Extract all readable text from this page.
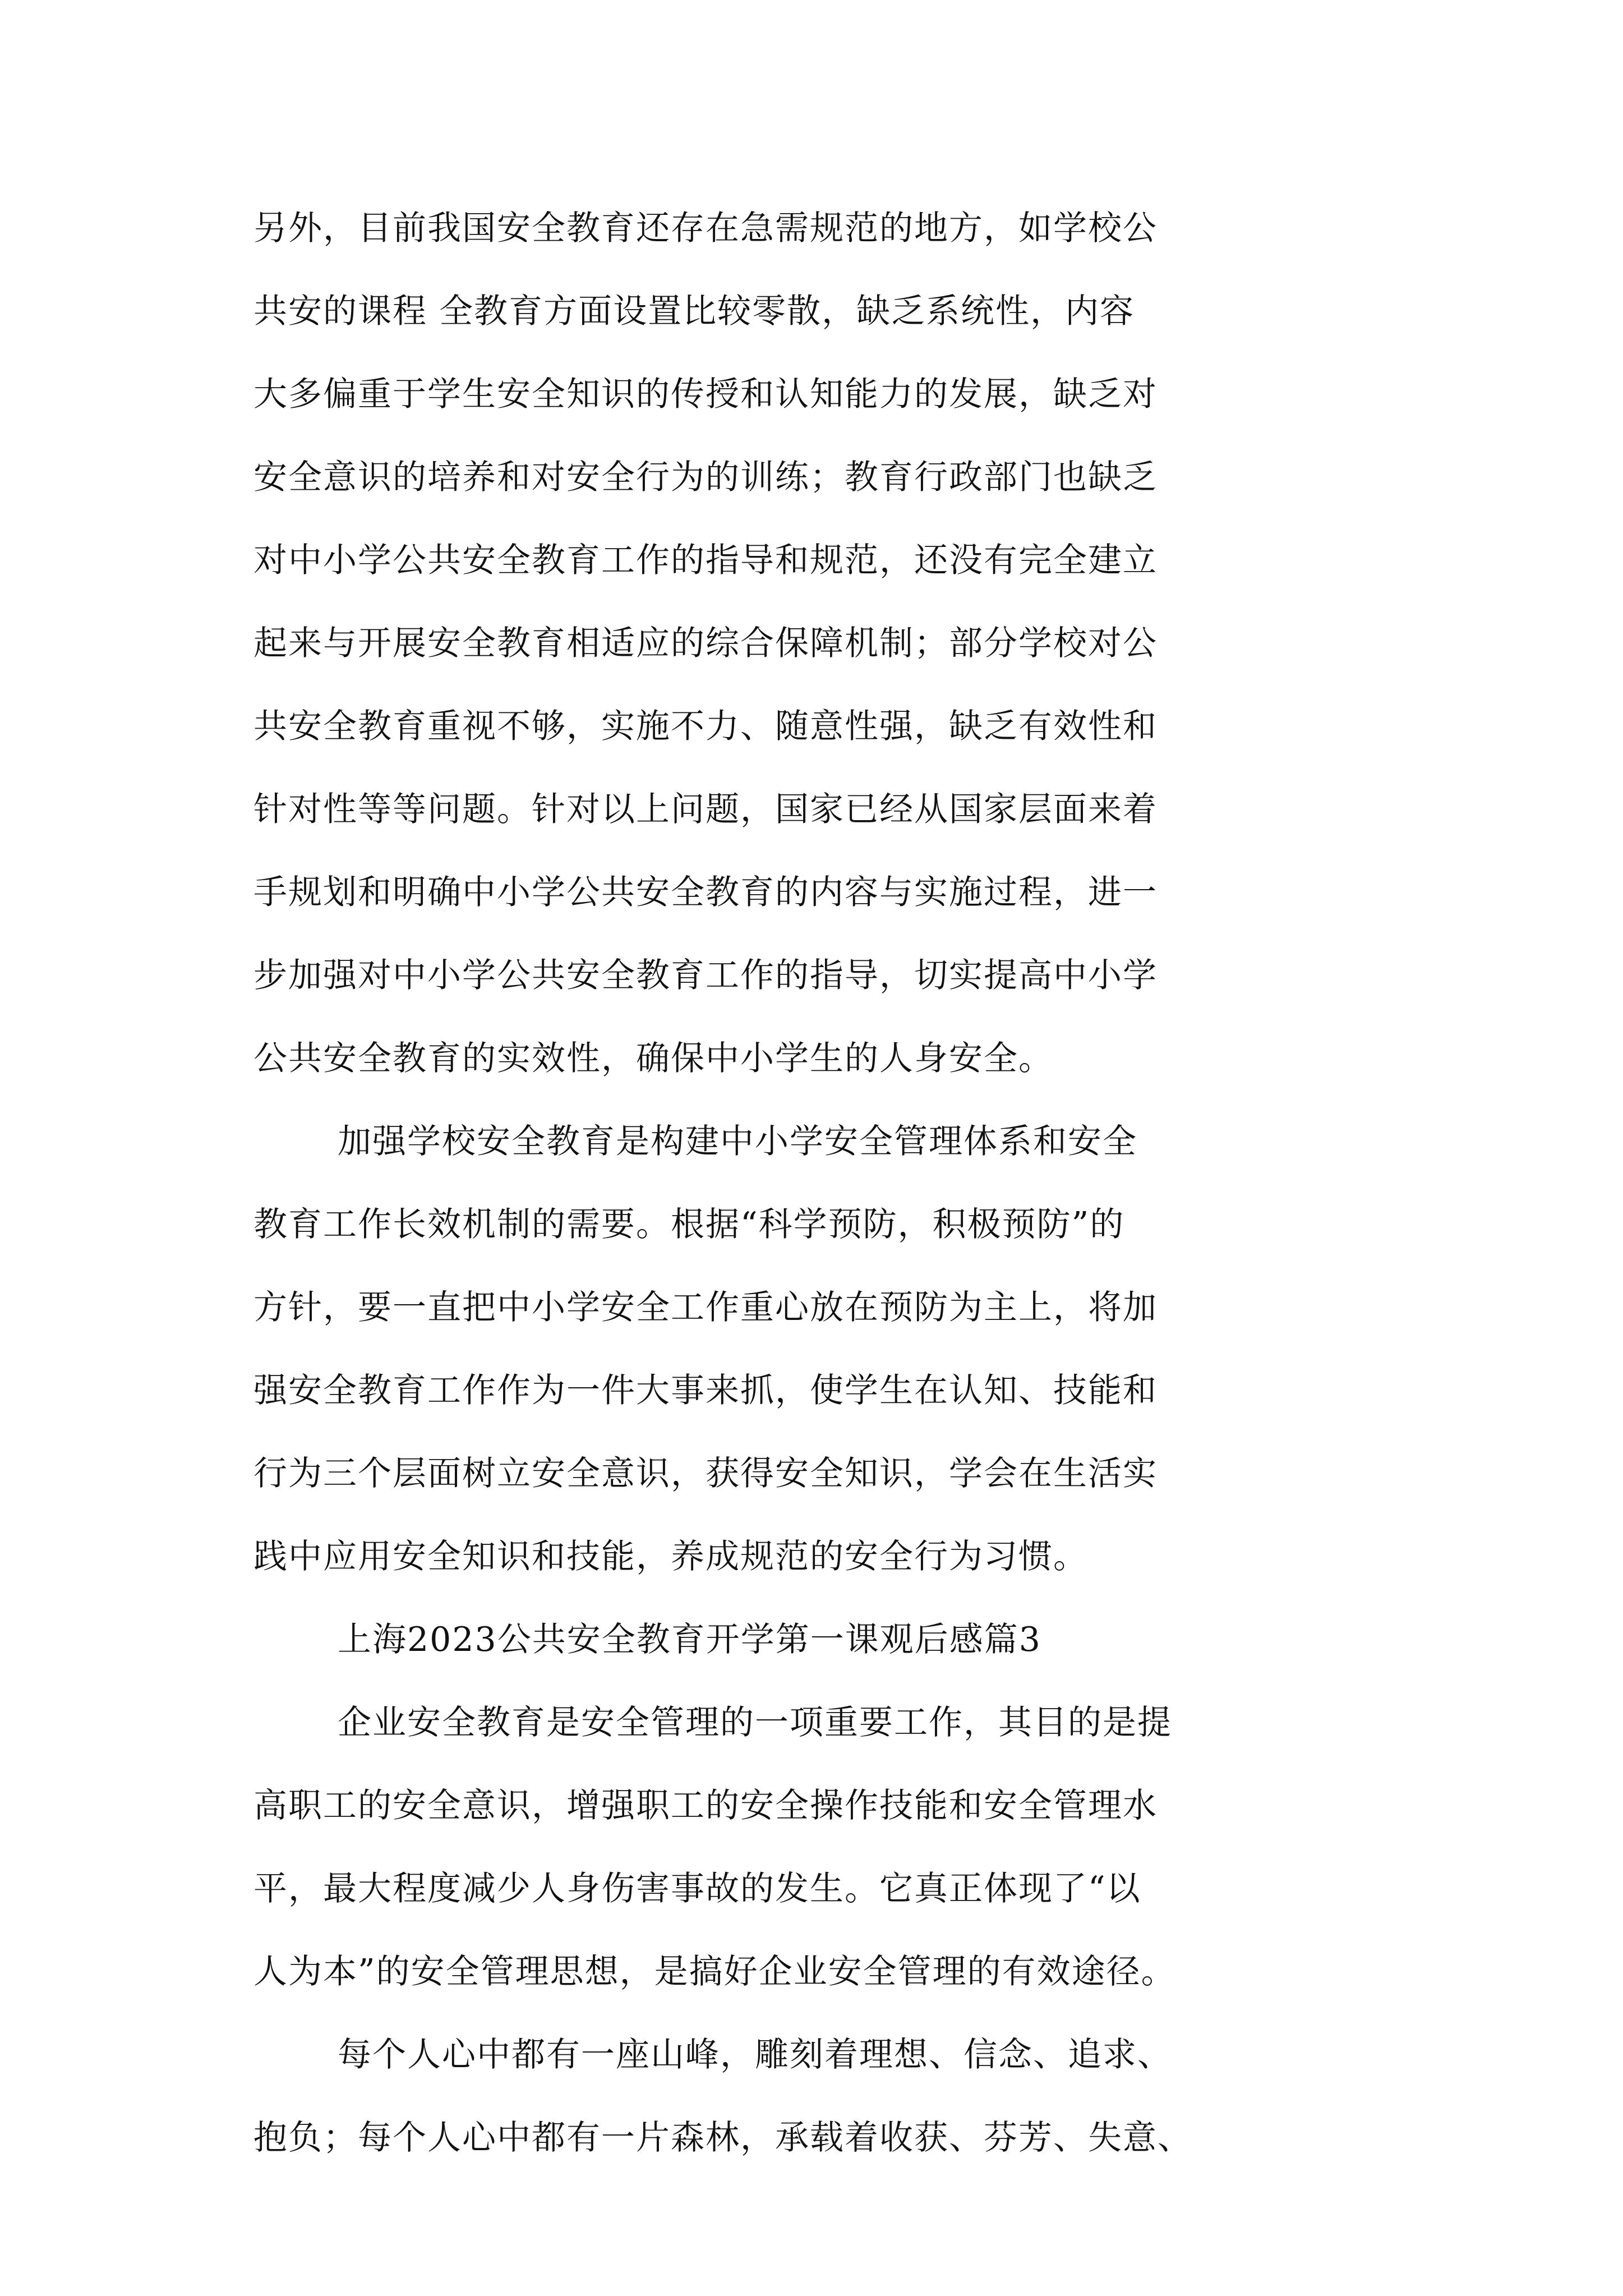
另外，目前我国安全教育还存在急需规范的地方，如学校公
共安的课程 全教育方面设置比较零散，缺乏系统性，内容
大多偏重于学生安全知识的传授和认知能力的发展，缺乏对
安全意识的培养和对安全行为的训练；教育行政部门也缺乏
对中小学公共安全教育工作的指导和规范，还没有完全建立
起来与开展安全教育相适应的综合保障机制；部分学校对公
共安全教育重视不够，实施不力、随意性强，缺乏有效性和
针对性等等问题。针对以上问题，国家已经从国家层面来着
手规划和明确中小学公共安全教育的内容与实施过程，进一
步加强对中小学公共安全教育工作的指导，切实提高中小学
公共安全教育的实效性，确保中小学生的人身安全。
加强学校安全教育是构建中小学安全管理体系和安全
教育工作长效机制的需要。根据“科学预防，积极预防”的
方针，要一直把中小学安全工作重心放在预防为主上，将加
强安全教育工作作为一件大事来抓，使学生在认知、技能和
行为三个层面树立安全意识，获得安全知识，学会在生活实
践中应用安全知识和技能，养成规范的安全行为习惯。
上海2023公共安全教育开学第一课观后感篇3
企业安全教育是安全管理的一项重要工作，其目的是提
高职工的安全意识，增强职工的安全操作技能和安全管理水
平，最大程度减少人身伤害事故的发生。它真正体现了“以
人为本”的安全管理思想，是搞好企业安全管理的有效途径。
每个人心中都有一座山峰，雕刻着理想、信念、追求、
抱负；每个人心中都有一片森林，承载着收获、芬芳、失意、
